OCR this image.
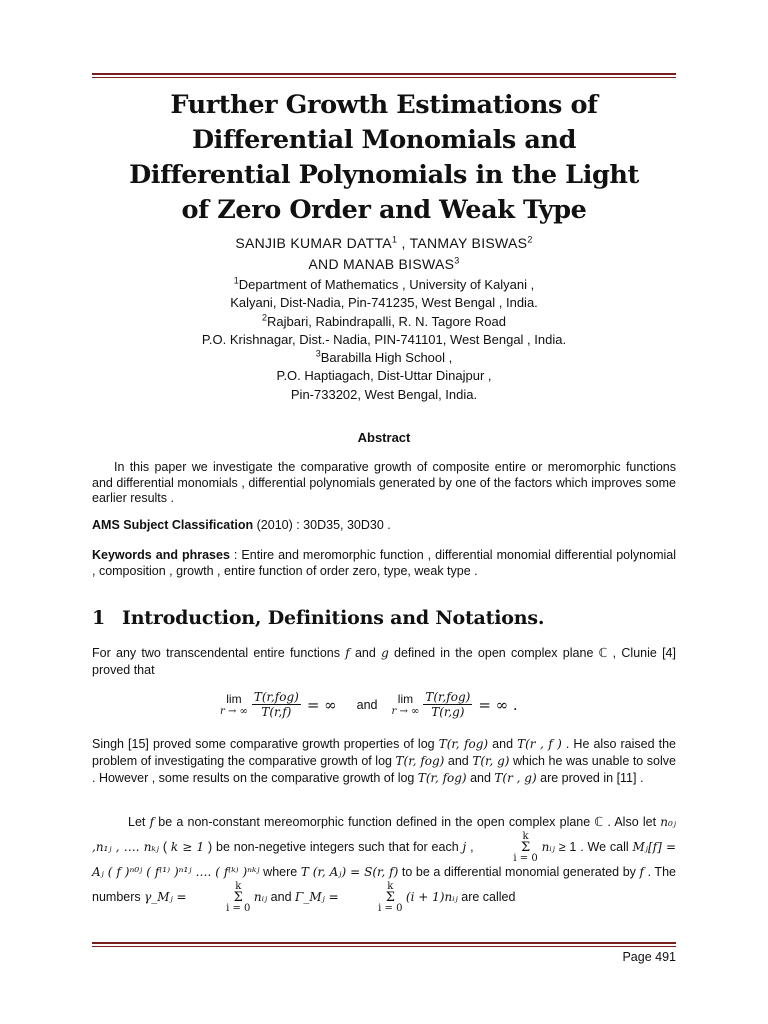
Further Growth Estimations of
Differential Monomials and
Differential Polynomials in the Light
of Zero Order and Weak Type
SANJIB KUMAR DATTA$^1$ , TANMAY BISWAS$^2$
AND MANAB BISWAS$^3$
$^1$Department of Mathematics , University of Kalyani ,
Kalyani, Dist-Nadia, Pin-741235, West Bengal , India.
$^2$Rajbari, Rabindrapalli, R. N. Tagore Road
P.O. Krishnagar, Dist.- Nadia, PIN-741101, West Bengal , India.
$^3$Barabilla High School ,
P.O. Haptiagach, Dist-Uttar Dinajpur ,
Pin-733202, West Bengal, India.
Abstract
In this paper we investigate the comparative growth of composite entire or meromorphic functions and differential monomials , differential polynomials generated by one of the factors which improves some earlier results .
AMS Subject Classification (2010) : 30D35, 30D30 .
Keywords and phrases : Entire and meromorphic function , differential monomial differential polynomial , composition , growth , entire function of order zero, type, weak type .
1 Introduction, Definitions and Notations.
For any two transcendental entire functions f and g defined in the open complex plane ℂ , Clunie [4] proved that
lim
r → ∞ $\frac{\text{T(r,fog)}}{T(r,f)}$ = ∞ and	lim
r → ∞ $\frac{\text{T(r,fog)}}{T(r,g)}$ = ∞ .
Singh [15] proved some comparative growth properties of log T(r, fog) and T(r , f ) . He also raised the problem of investigating the comparative growth of log T(r, fog) and T(r, g) which he was unable to solve . However , some results on the comparative growth of log T(r, fog) and T(r , g) are proved in [11] .
Let f be a non-constant mereomorphic function defined in the open complex plane ℂ . Also let n₀ⱼ ,n₁ⱼ , …. nₖⱼ ( k ≥ 1 ) be non-negetive integers such that for each j ,
k
Σ
i = 0
nᵢⱼ ≥ 1 . We call Mⱼ[f] = Aⱼ ( f )ⁿ⁰ʲ ( f⁽¹⁾ )ⁿ¹ʲ …. ( f⁽ᵏ⁾ )ⁿᵏʲ where T (r, Aⱼ) = S(r, f) to be a differential monomial generated by f . The numbers γ_Mⱼ =
k
Σ
i = 0
nᵢⱼ and Γ_Mⱼ =
k
Σ
i = 0
(i + 1)nᵢⱼ are called
Page 491
